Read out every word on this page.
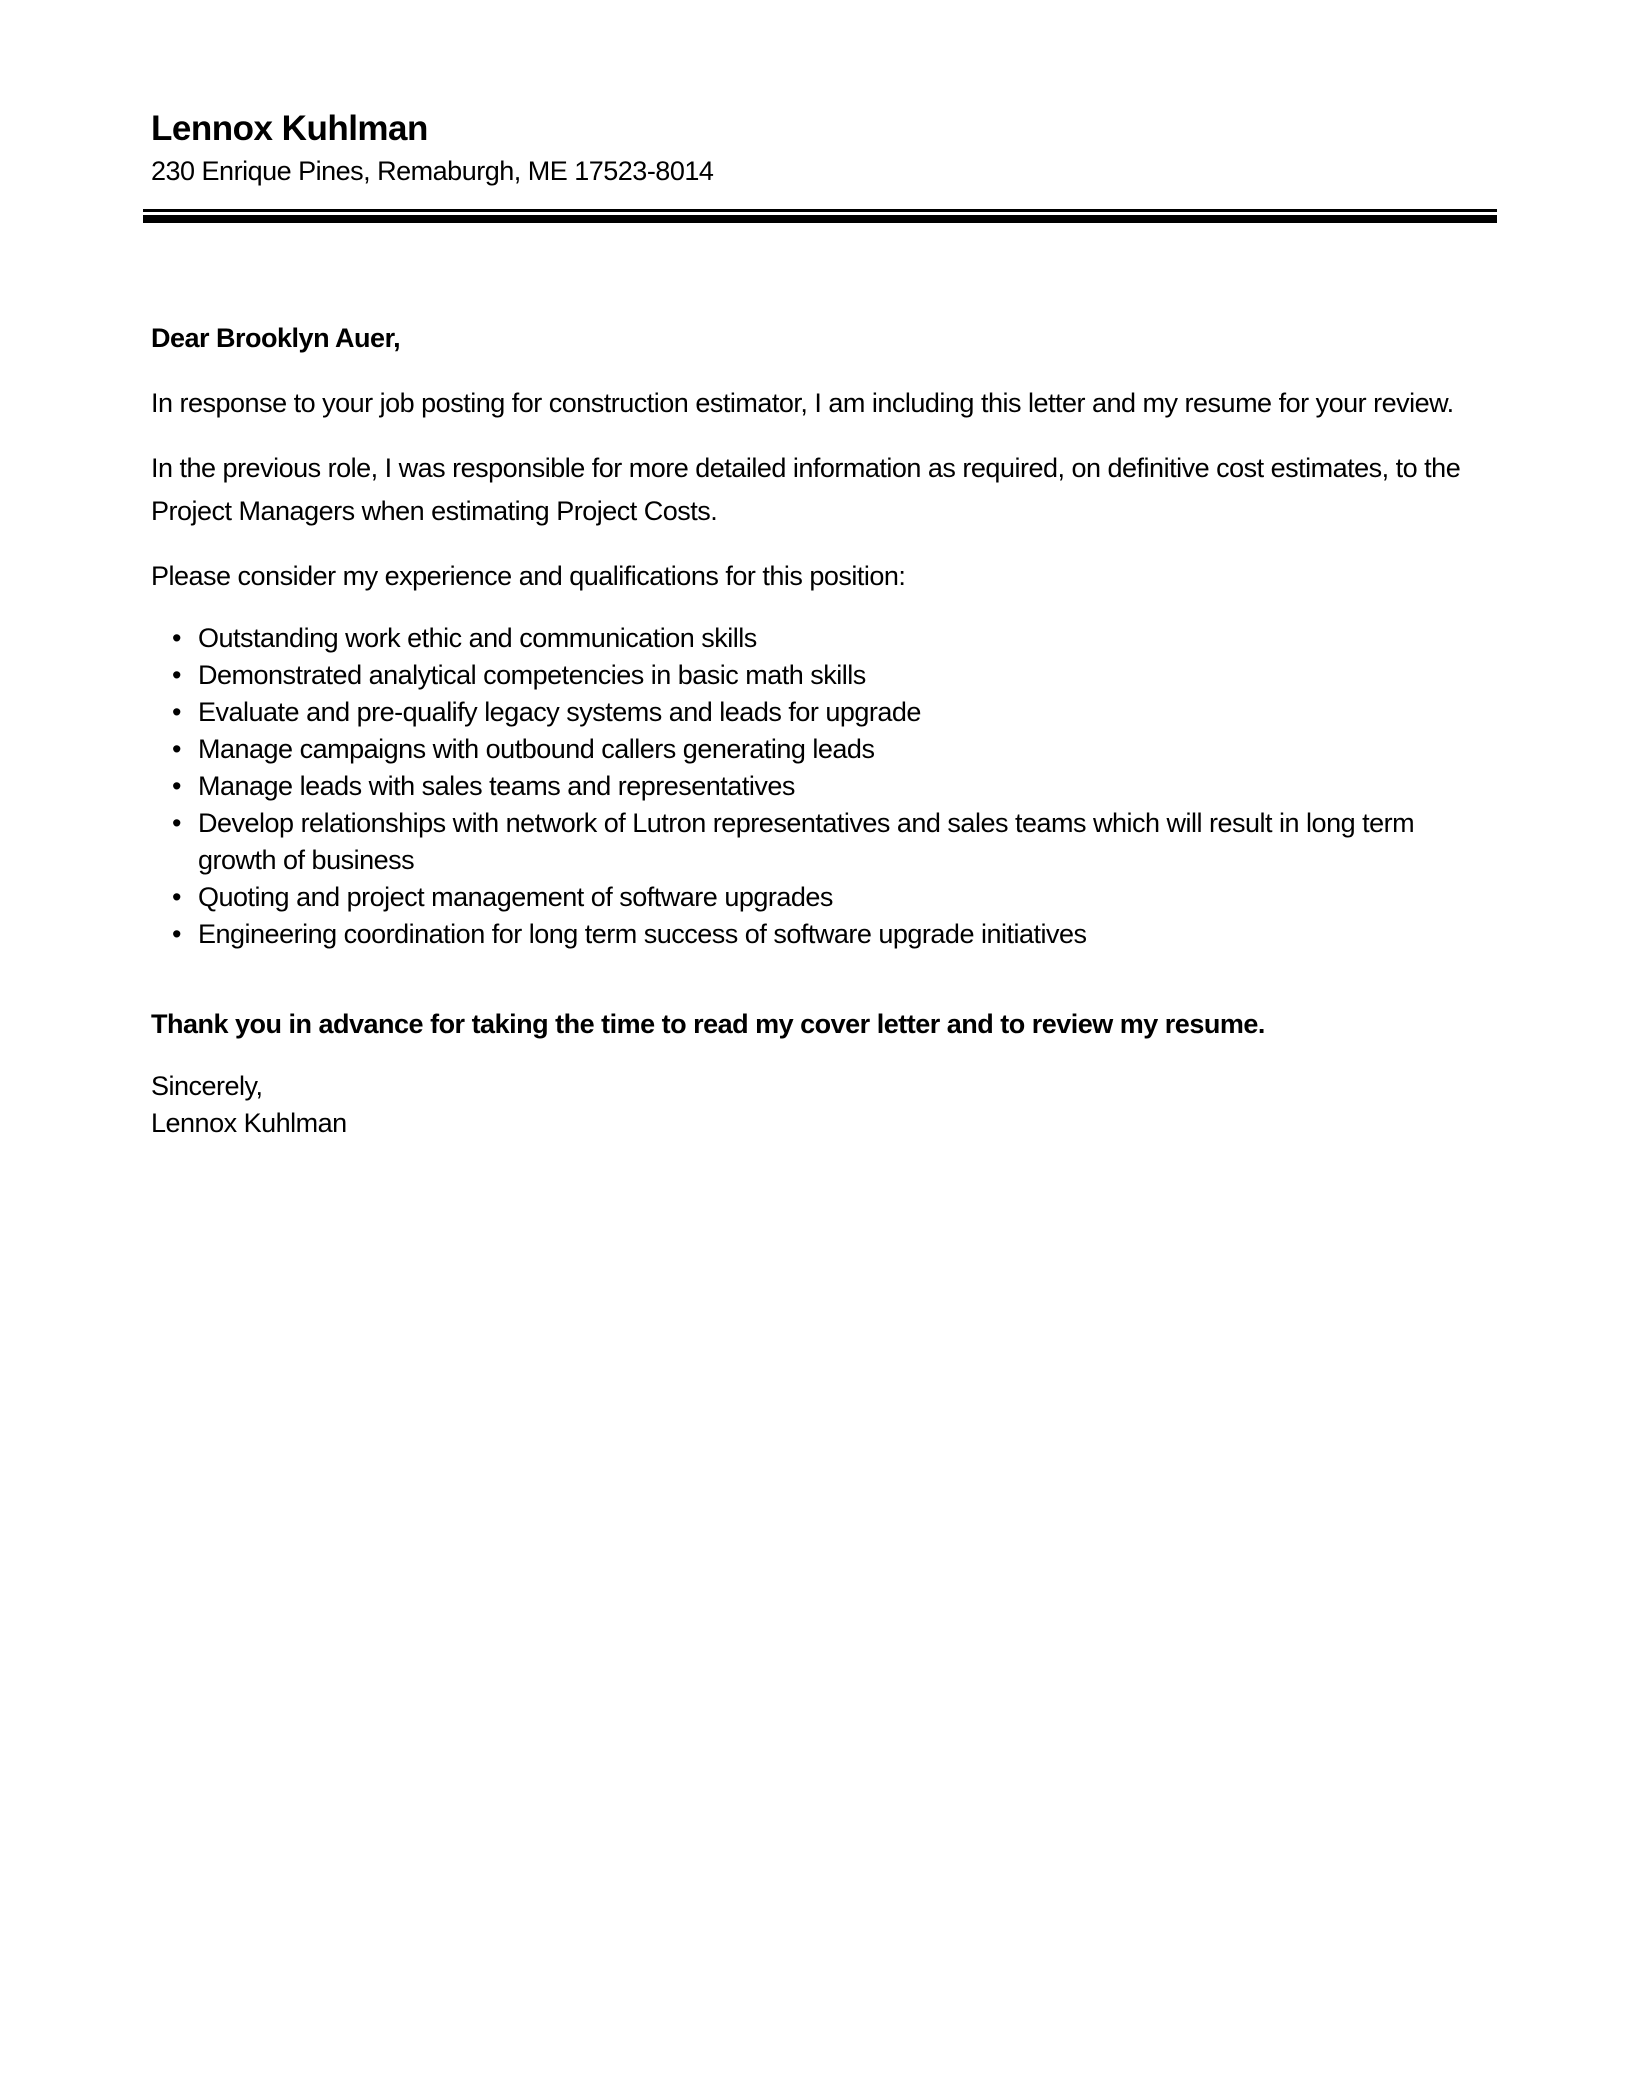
Lennox Kuhlman
230 Enrique Pines, Remaburgh, ME 17523-8014

Dear Brooklyn Auer,

In response to your job posting for construction estimator, I am including this letter and my resume for your review.

In the previous role, I was responsible for more detailed information as required, on definitive cost estimates, to the Project Managers when estimating Project Costs.

Please consider my experience and qualifications for this position:

• Outstanding work ethic and communication skills
• Demonstrated analytical competencies in basic math skills
• Evaluate and pre-qualify legacy systems and leads for upgrade
• Manage campaigns with outbound callers generating leads
• Manage leads with sales teams and representatives
• Develop relationships with network of Lutron representatives and sales teams which will result in long term growth of business
• Quoting and project management of software upgrades
• Engineering coordination for long term success of software upgrade initiatives

Thank you in advance for taking the time to read my cover letter and to review my resume.

Sincerely,
Lennox Kuhlman
